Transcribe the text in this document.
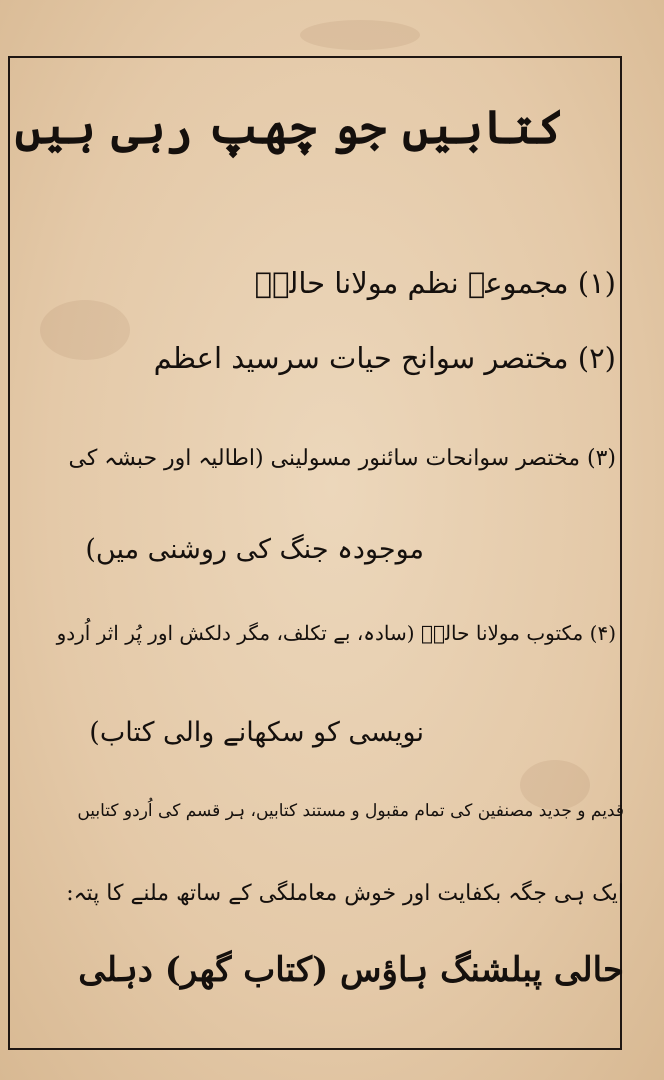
کتابیں جو چھپ رہی ہیں
(۱) مجموعہ نظم مولانا حالیؔ
(۲) مختصر سوانح حیات سرسید اعظم
(۳) مختصر سوانحات سائنور مسولینی (اطالیہ اور حبشہ کی
موجودہ جنگ کی روشنی میں)
(۴) مکتوب مولانا حالیؔ (سادہ، بے تکلف، مگر دلکش اور پُر اثر اُردو
نویسی کو سکھانے والی کتاب)
قدیم و جدید مصنفین کی تمام مقبول و مستند کتابیں، ہر قسم کی اُردو کتابیں
ایک ہی جگہ بکفایت اور خوش معاملگی کے ساتھ ملنے کا پتہ:
حالی پبلشنگ ہاؤس (کتاب گھر) دہلی
